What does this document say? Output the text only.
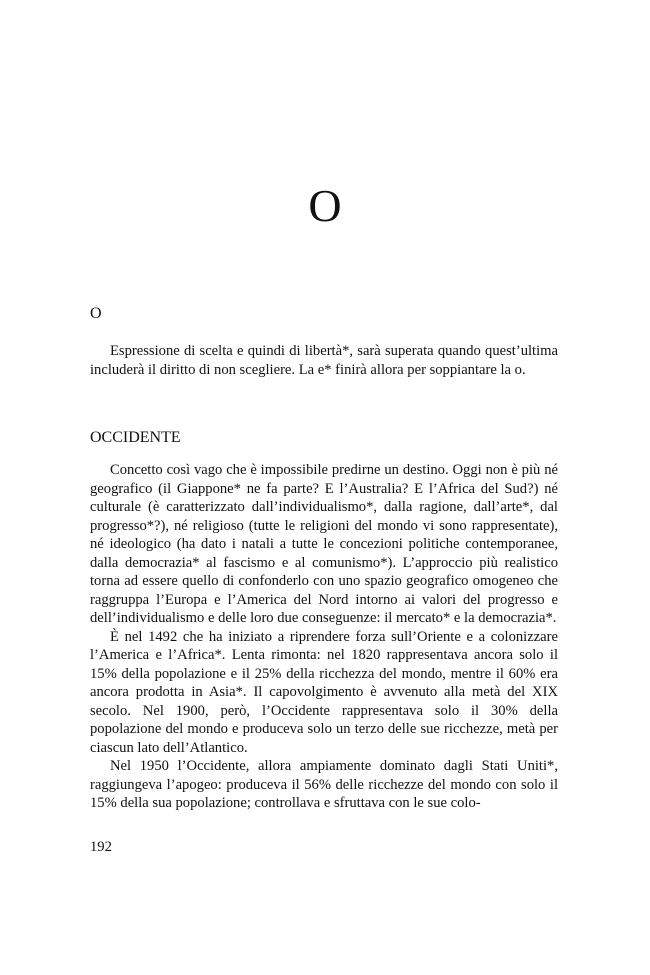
O
O

Espressione di scelta e quindi di libertà*, sarà superata quando quest’ultima includerà il diritto di non scegliere. La e* finirà allora per soppiantare la o.

OCCIDENTE

Concetto così vago che è impossibile predirne un destino. Oggi non è più né geografico (il Giappone* ne fa parte? E l’Australia? E l’Africa del Sud?) né culturale (è caratterizzato dall’individualismo*, dalla ragione, dall’arte*, dal progresso*?), né religioso (tutte le religioni del mondo vi sono rappresentate), né ideologico (ha dato i natali a tutte le concezioni politiche contemporanee, dalla democrazia* al fascismo e al comunismo*). L’approccio più realistico torna ad essere quello di confonderlo con uno spazio geografico omogeneo che raggruppa l’Europa e l’America del Nord intorno ai valori del progresso e dell’individualismo e delle loro due conseguenze: il mercato* e la democrazia*.

È nel 1492 che ha iniziato a riprendere forza sull’Oriente e a colonizzare l’America e l’Africa*. Lenta rimonta: nel 1820 rappresentava ancora solo il 15% della popolazione e il 25% della ricchezza del mondo, mentre il 60% era ancora prodotta in Asia*. Il capovolgimento è avvenuto alla metà del XIX secolo. Nel 1900, però, l’Occidente rappresentava solo il 30% della popolazione del mondo e produceva solo un terzo delle sue ricchezze, metà per ciascun lato dell’Atlantico.

Nel 1950 l’Occidente, allora ampiamente dominato dagli Stati Uniti*, raggiungeva l’apogeo: produceva il 56% delle ricchezze del mondo con solo il 15% della sua popolazione; controllava e sfruttava con le sue colo-

192
